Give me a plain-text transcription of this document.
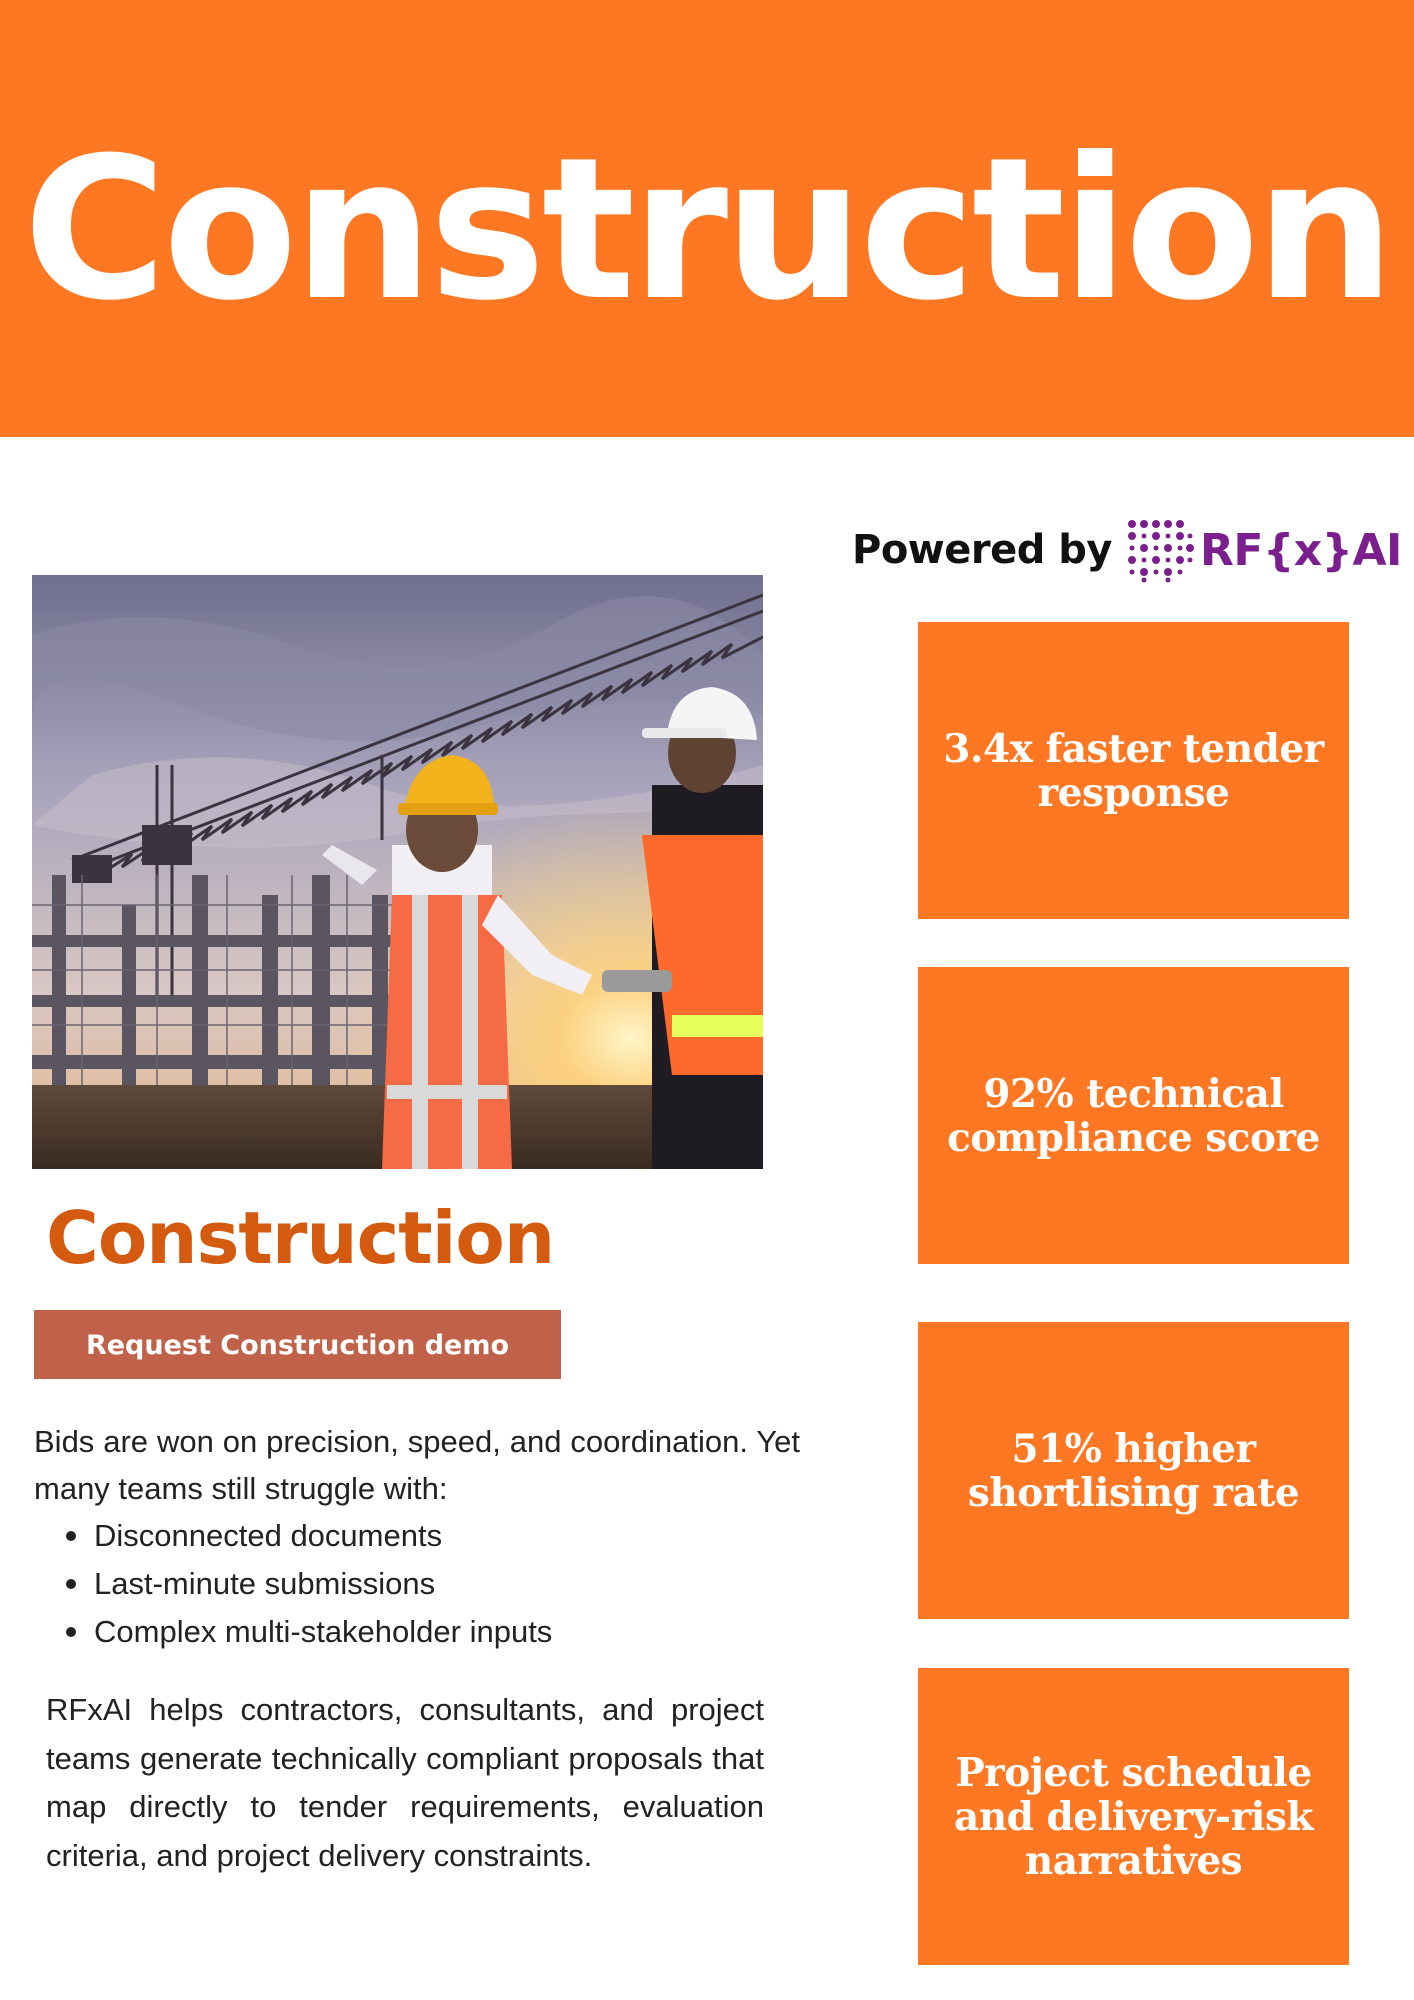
Construction
Powered by RF{x}AI
Construction
Request Construction demo

Bids are won on precision, speed, and coordination. Yet many teams still struggle with:

Disconnected documents
Last-minute submissions
Complex multi-stakeholder inputs

RFxAI helps contractors, consultants, and project teams generate technically compliant proposals that map directly to tender requirements, evaluation criteria, and project delivery constraints.

3.4x faster tender response
92% technical compliance score
51% higher shortlising rate
Project schedule and delivery-risk narratives
